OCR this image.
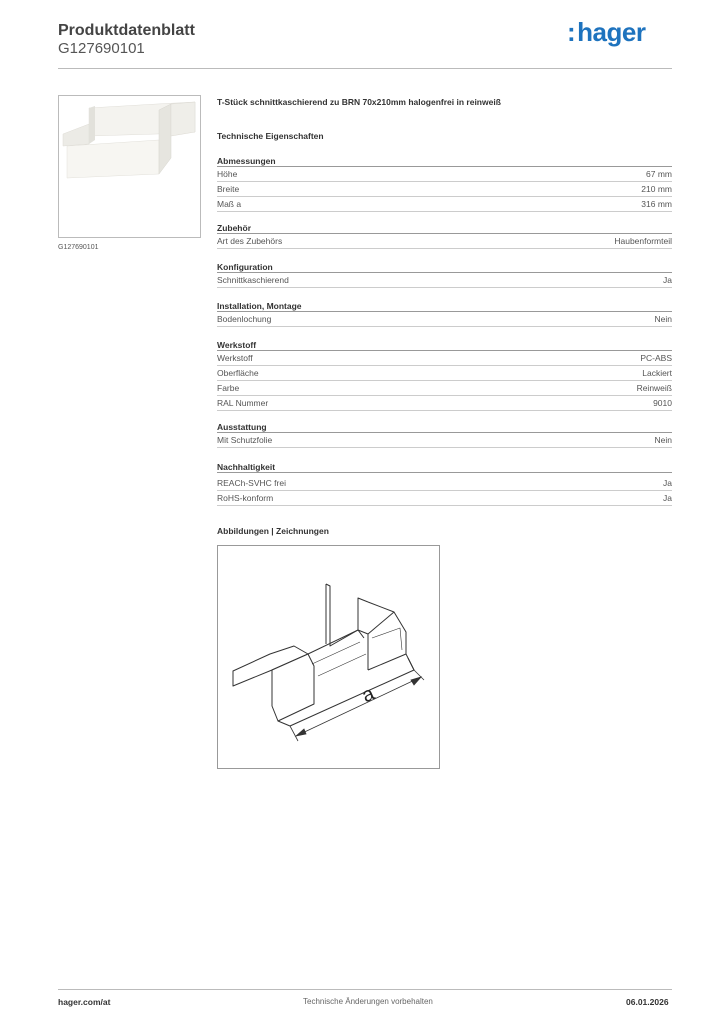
Produktdatenblatt
G127690101
:hager
G127690101
T-Stück schnittkaschierend zu BRN 70x210mm halogenfrei in reinweiß
Technische Eigenschaften
Abmessungen
Höhe	67 mm
Breite	210 mm
Maß a	316 mm
Zubehör
Art des Zubehörs	Haubenformteil
Konfiguration
Schnittkaschierend	Ja
Installation, Montage
Bodenlochung	Nein
Werkstoff
Werkstoff	PC-ABS
Oberfläche	Lackiert
Farbe	Reinweiß
RAL Nummer	9010
Ausstattung
Mit Schutzfolie	Nein
Nachhaltigkeit
REACh-SVHC frei	Ja
RoHS-konform	Ja
Abbildungen | Zeichnungen
a
hager.com/at	Technische Änderungen vorbehalten	06.01.2026
